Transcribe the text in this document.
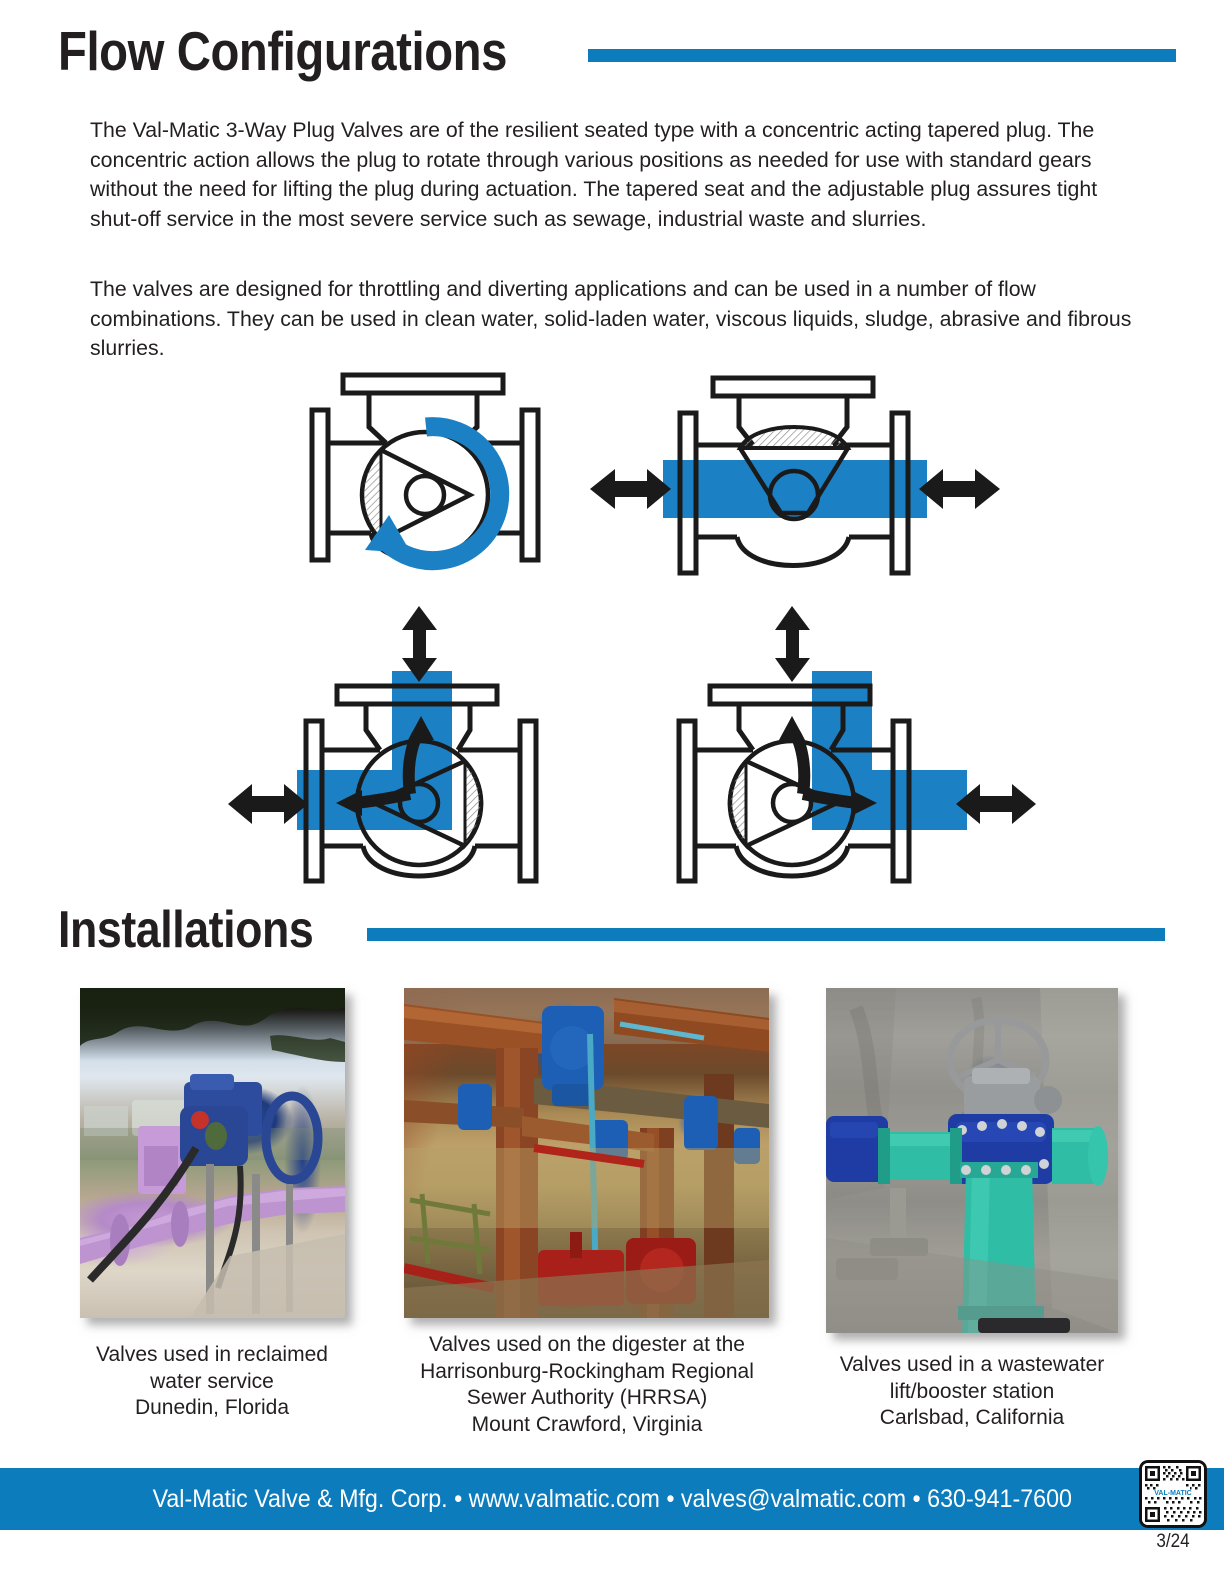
Flow Configurations

The Val-Matic 3-Way Plug Valves are of the resilient seated type with a concentric acting tapered plug. The concentric action allows the plug to rotate through various positions as needed for use with standard gears without the need for lifting the plug during actuation. The tapered seat and the adjustable plug assures tight shut-off service in the most severe service such as sewage, industrial waste and slurries.

The valves are designed for throttling and diverting applications and can be used in a number of flow combinations. They can be used in clean water, solid-laden water, viscous liquids, sludge, abrasive and fibrous slurries.

Installations
Valves used in reclaimed
water service
Dunedin, Florida
Valves used on the digester at the
Harrisonburg-Rockingham Regional
Sewer Authority (HRRSA)
Mount Crawford, Virginia
Valves used in a wastewater
lift/booster station
Carlsbad, California
Val-Matic Valve & Mfg. Corp. • www.valmatic.com • valves@valmatic.com • 630-941-7600	VAL-MATIC
3/24
